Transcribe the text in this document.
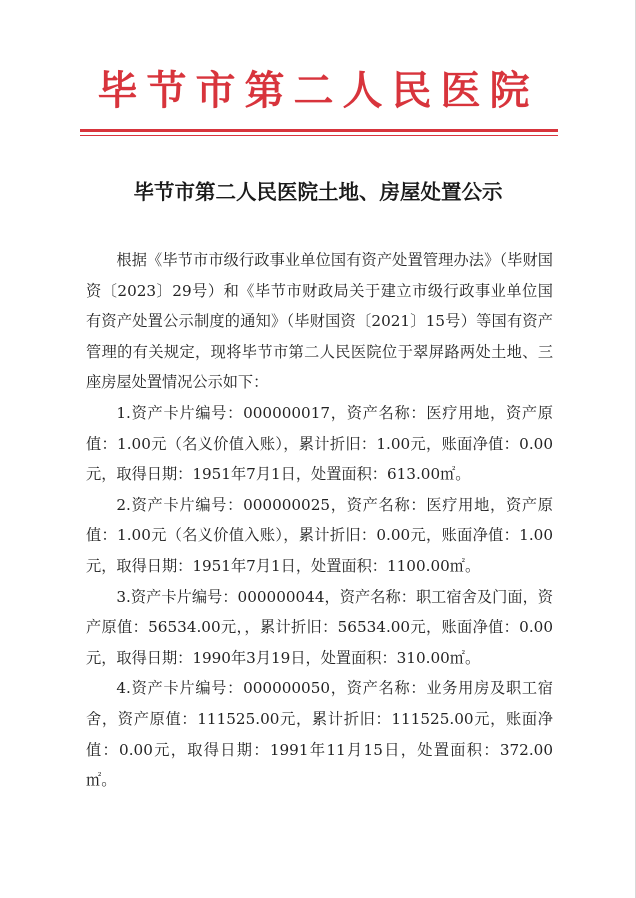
毕节市第二人民医院
毕节市第二人民医院土地、房屋处置公示

根据《毕节市市级行政事业单位国有资产处置管理办法》（毕财国资〔2023〕29号）和《毕节市财政局关于建立市级行政事业单位国有资产处置公示制度的通知》（毕财国资〔2021〕15号）等国有资产管理的有关规定，现将毕节市第二人民医院位于翠屏路两处土地、三座房屋处置情况公示如下：

1.资产卡片编号：000000017，资产名称：医疗用地，资产原值：1.00元（名义价值入账），累计折旧：1.00元，账面净值：0.00元，取得日期：1951年7月1日，处置面积：613.00㎡。

2.资产卡片编号：000000025，资产名称：医疗用地，资产原值：1.00元（名义价值入账），累计折旧：0.00元，账面净值：1.00元，取得日期：1951年7月1日，处置面积：1100.00㎡。

3.资产卡片编号：000000044，资产名称：职工宿舍及门面，资产原值：56534.00元，，累计折旧：56534.00元，账面净值：0.00元，取得日期：1990年3月19日，处置面积：310.00㎡。

4.资产卡片编号：000000050，资产名称：业务用房及职工宿舍，资产原值：111525.00元，累计折旧：111525.00元，账面净值：0.00元，取得日期：1991年11月15日，处置面积：372.00㎡。
